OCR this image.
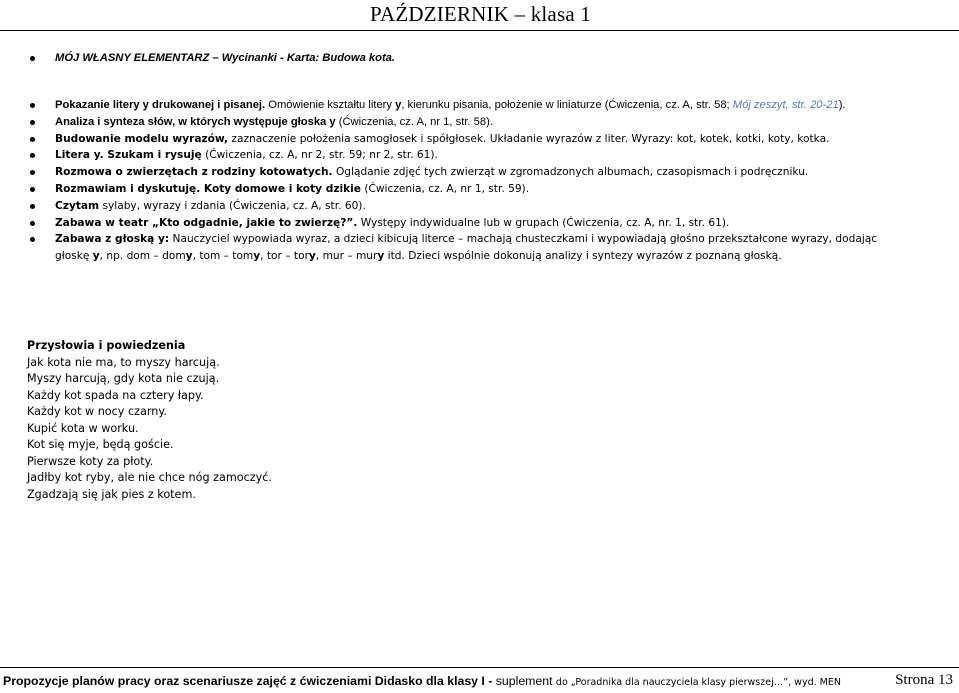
PAŹDZIERNIK – klasa 1
MÓJ WŁASNY ELEMENTARZ – Wycinanki - Karta: Budowa kota.
Pokazanie litery y drukowanej i pisanej. Omówienie kształtu litery y, kierunku pisania, położenie w liniaturze (Ćwiczenia, cz. A, str. 58; Mój zeszyt, str. 20-21).
Analiza i synteza słów, w których występuje głoska y (Ćwiczenia, cz. A, nr 1, str. 58).
Budowanie modelu wyrazów, zaznaczenie położenia samogłosek i spółgłosek. Układanie wyrazów z liter. Wyrazy: kot, kotek, kotki, koty, kotka.
Litera y. Szukam i rysuję (Ćwiczenia, cz. A, nr 2, str. 59; nr 2, str. 61).
Rozmowa o zwierzętach z rodziny kotowatych. Oglądanie zdjęć tych zwierząt w zgromadzonych albumach, czasopismach i podręczniku.
Rozmawiam i dyskutuję. Koty domowe i koty dzikie (Ćwiczenia, cz. A, nr 1, str. 59).
Czytam sylaby, wyrazy i zdania (Ćwiczenia, cz. A, str. 60).
Zabawa w teatr „Kto odgadnie, jakie to zwierzę?”. Występy indywidualne lub w grupach (Ćwiczenia, cz. A, nr. 1, str. 61).
Zabawa z głoską y: Nauczyciel wypowiada wyraz, a dzieci kibicują literce – machają chusteczkami i wypowiadają głośno przekształcone wyrazy, dodając
głoskę y, np. dom – domy, tom – tomy, tor – tory, mur – mury itd. Dzieci wspólnie dokonują analizy i syntezy wyrazów z poznaną głoską.
Przysłowia i powiedzenia
Jak kota nie ma, to myszy harcują.
Myszy harcują, gdy kota nie czują.
Każdy kot spada na cztery łapy.
Każdy kot w nocy czarny.
Kupić kota w worku.
Kot się myje, będą goście.
Pierwsze koty za płoty.
Jadłby kot ryby, ale nie chce nóg zamoczyć.
Zgadzają się jak pies z kotem.
Propozycje planów pracy oraz scenariusze zajęć z ćwiczeniami Didasko dla klasy I - suplement do „Poradnika dla nauczyciela klasy pierwszej…”, wyd. MEN	Strona 13
